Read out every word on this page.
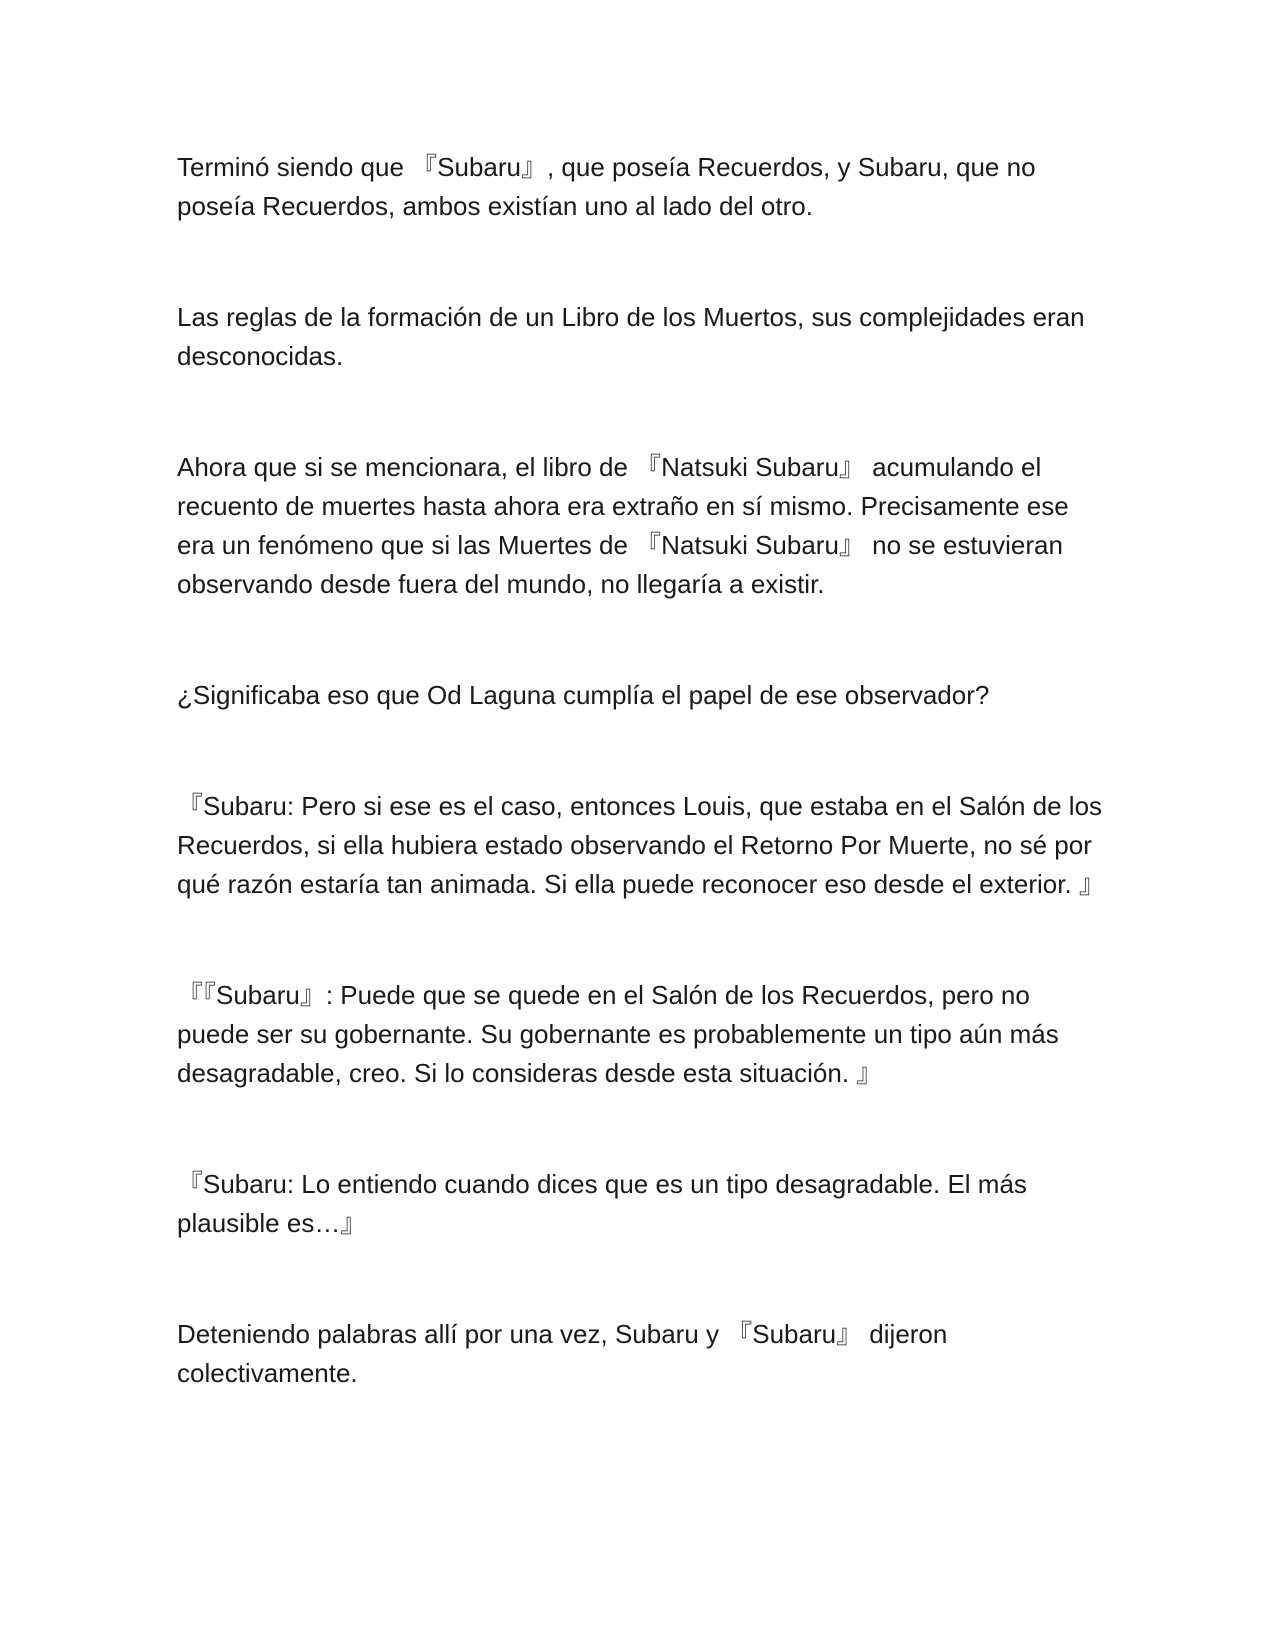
Terminó siendo que 『Subaru』, que poseía Recuerdos, y Subaru, que no poseía Recuerdos, ambos existían uno al lado del otro.

Las reglas de la formación de un Libro de los Muertos, sus complejidades eran desconocidas.

Ahora que si se mencionara, el libro de 『Natsuki Subaru』 acumulando el recuento de muertes hasta ahora era extraño en sí mismo. Precisamente ese era un fenómeno que si las Muertes de 『Natsuki Subaru』 no se estuvieran observando desde fuera del mundo, no llegaría a existir.

¿Significaba eso que Od Laguna cumplía el papel de ese observador?

『Subaru: Pero si ese es el caso, entonces Louis, que estaba en el Salón de los Recuerdos, si ella hubiera estado observando el Retorno Por Muerte, no sé por qué razón estaría tan animada. Si ella puede reconocer eso desde el exterior. 』

『『Subaru』: Puede que se quede en el Salón de los Recuerdos, pero no puede ser su gobernante. Su gobernante es probablemente un tipo aún más desagradable, creo. Si lo consideras desde esta situación. 』

『Subaru: Lo entiendo cuando dices que es un tipo desagradable. El más plausible es…』

Deteniendo palabras allí por una vez, Subaru y 『Subaru』 dijeron colectivamente.
